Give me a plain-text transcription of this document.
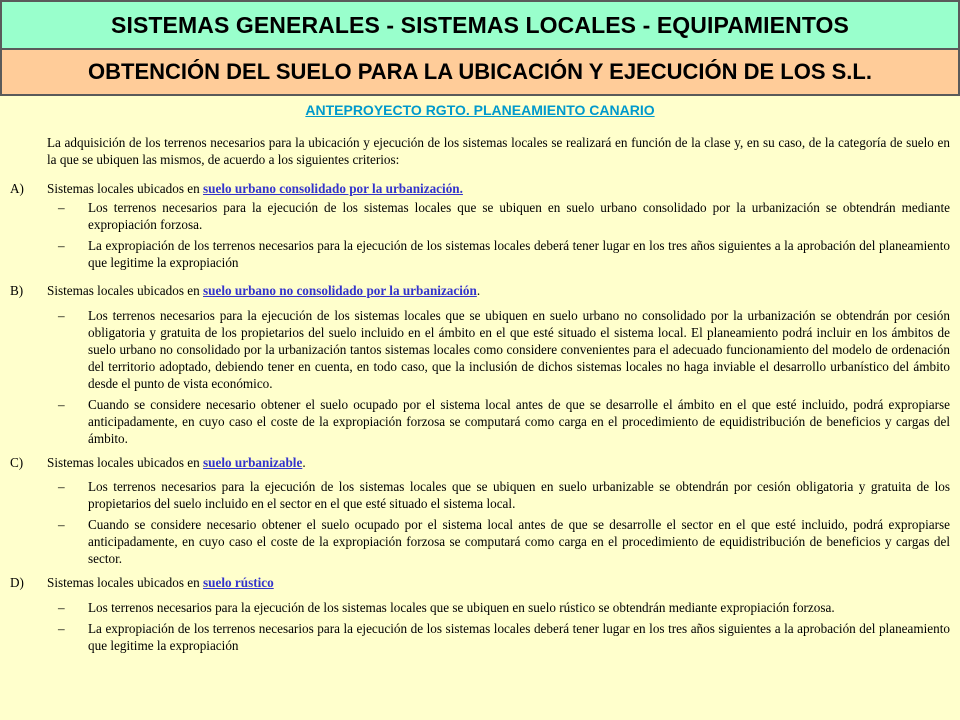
SISTEMAS GENERALES - SISTEMAS LOCALES - EQUIPAMIENTOS
OBTENCIÓN DEL SUELO PARA LA UBICACIÓN Y EJECUCIÓN DE LOS S.L.
ANTEPROYECTO RGTO. PLANEAMIENTO CANARIO

La adquisición de los terrenos necesarios para la ubicación y ejecución de los sistemas locales se realizará en función de la clase y, en su caso, de la categoría de suelo en la que se ubiquen las mismos, de acuerdo a los siguientes criterios:

A) Sistemas locales ubicados en suelo urbano consolidado por la urbanización.
– Los terrenos necesarios para la ejecución de los sistemas locales que se ubiquen en suelo urbano consolidado por la urbanización se obtendrán mediante expropiación forzosa.
– La expropiación de los terrenos necesarios para la ejecución de los sistemas locales deberá tener lugar en los tres años siguientes a la aprobación del planeamiento que legitime la expropiación
B) Sistemas locales ubicados en suelo urbano no consolidado por la urbanización.
– Los terrenos necesarios para la ejecución de los sistemas locales que se ubiquen en suelo urbano no consolidado por la urbanización se obtendrán por cesión obligatoria y gratuita de los propietarios del suelo incluido en el ámbito en el que esté situado el sistema local. El planeamiento podrá incluir en los ámbitos de suelo urbano no consolidado por la urbanización tantos sistemas locales como considere convenientes para el adecuado funcionamiento del modelo de ordenación del territorio adoptado, debiendo tener en cuenta, en todo caso, que la inclusión de dichos sistemas locales no haga inviable el desarrollo urbanístico del ámbito desde el punto de vista económico.
– Cuando se considere necesario obtener el suelo ocupado por el sistema local antes de que se desarrolle el ámbito en el que esté incluido, podrá expropiarse anticipadamente, en cuyo caso el coste de la expropiación forzosa se computará como carga en el procedimiento de equidistribución de beneficios y cargas del ámbito.
C) Sistemas locales ubicados en suelo urbanizable.
– Los terrenos necesarios para la ejecución de los sistemas locales que se ubiquen en suelo urbanizable se obtendrán por cesión obligatoria y gratuita de los propietarios del suelo incluido en el sector en el que esté situado el sistema local.
– Cuando se considere necesario obtener el suelo ocupado por el sistema local antes de que se desarrolle el sector en el que esté incluido, podrá expropiarse anticipadamente, en cuyo caso el coste de la expropiación forzosa se computará como carga en el procedimiento de equidistribución de beneficios y cargas del sector.
D) Sistemas locales ubicados en suelo rústico
– Los terrenos necesarios para la ejecución de los sistemas locales que se ubiquen en suelo rústico se obtendrán mediante expropiación forzosa.
– La expropiación de los terrenos necesarios para la ejecución de los sistemas locales deberá tener lugar en los tres años siguientes a la aprobación del planeamiento que legitime la expropiación
